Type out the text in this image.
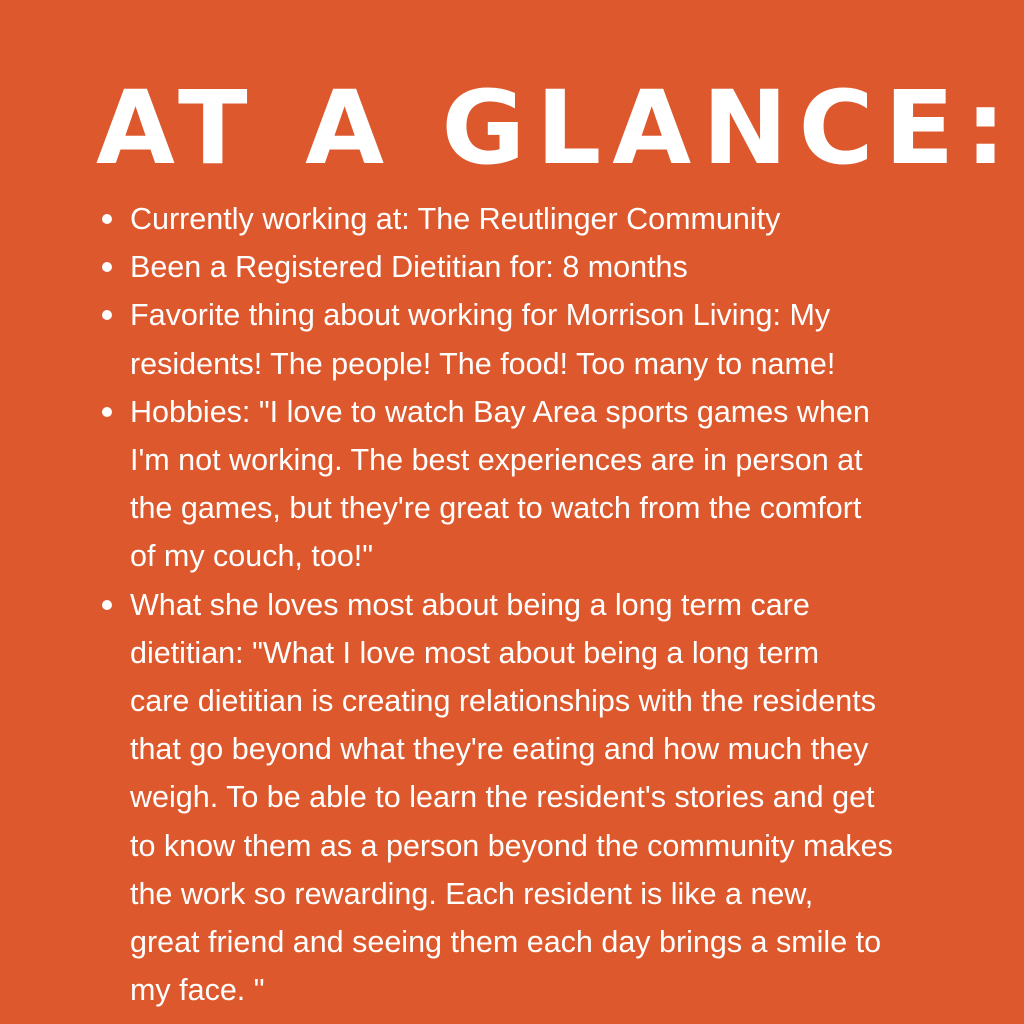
AT A GLANCE:
Currently working at: The Reutlinger Community
Been a Registered Dietitian for: 8 months
Favorite thing about working for Morrison Living: My
residents! The people! The food! Too many to name!
Hobbies: "I love to watch Bay Area sports games when
I'm not working. The best experiences are in person at
the games, but they're great to watch from the comfort
of my couch, too!"
What she loves most about being a long term care
dietitian: "What I love most about being a long term
care dietitian is creating relationships with the residents
that go beyond what they're eating and how much they
weigh. To be able to learn the resident's stories and get
to know them as a person beyond the community makes
the work so rewarding. Each resident is like a new,
great friend and seeing them each day brings a smile to
my face. "
